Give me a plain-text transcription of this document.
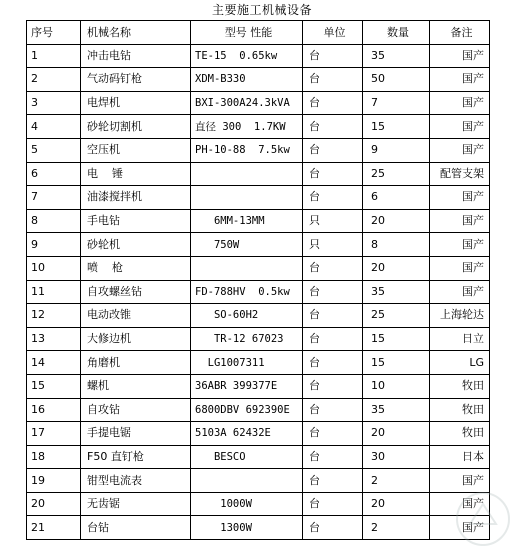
主要施工机械设备
序号	机械名称	型号 性能	单位	数量	备注
1	冲击电钻	TE-15  0.65kw	台	35	国产
2	气动码钉枪	XDM-B330	台	50	国产
3	电焊机	BXI-300A24.3kVA	台	7	国产
4	砂轮切割机	直径 300  1.7KW	台	15	国产
5	空压机	PH-10-88  7.5kw	台	9	国产
6	电    锤		台	25	配管支架
7	油漆搅拌机		台	6	国产
8	手电钻	6MM-13MM	只	20	国产
9	砂轮机	750W	只	8	国产
10	喷    枪		台	20	国产
11	自攻螺丝钻	FD-788HV  0.5kw	台	35	国产
12	电动改锥	SO-60H2	台	25	上海轮达
13	大修边机	TR-12 67023	台	15	日立
14	角磨机	LG1007311	台	15	LG
15	螺机	36ABR 399377E	台	10	牧田
16	自攻钻	6800DBV 692390E	台	35	牧田
17	手提电锯	5103A 62432E	台	20	牧田
18	F50 直钉枪	BESCO	台	30	日本
19	钳型电流表		台	2	国产
20	无齿锯	1000W	台	20	国产
21	台钻	1300W	台	2	国产
